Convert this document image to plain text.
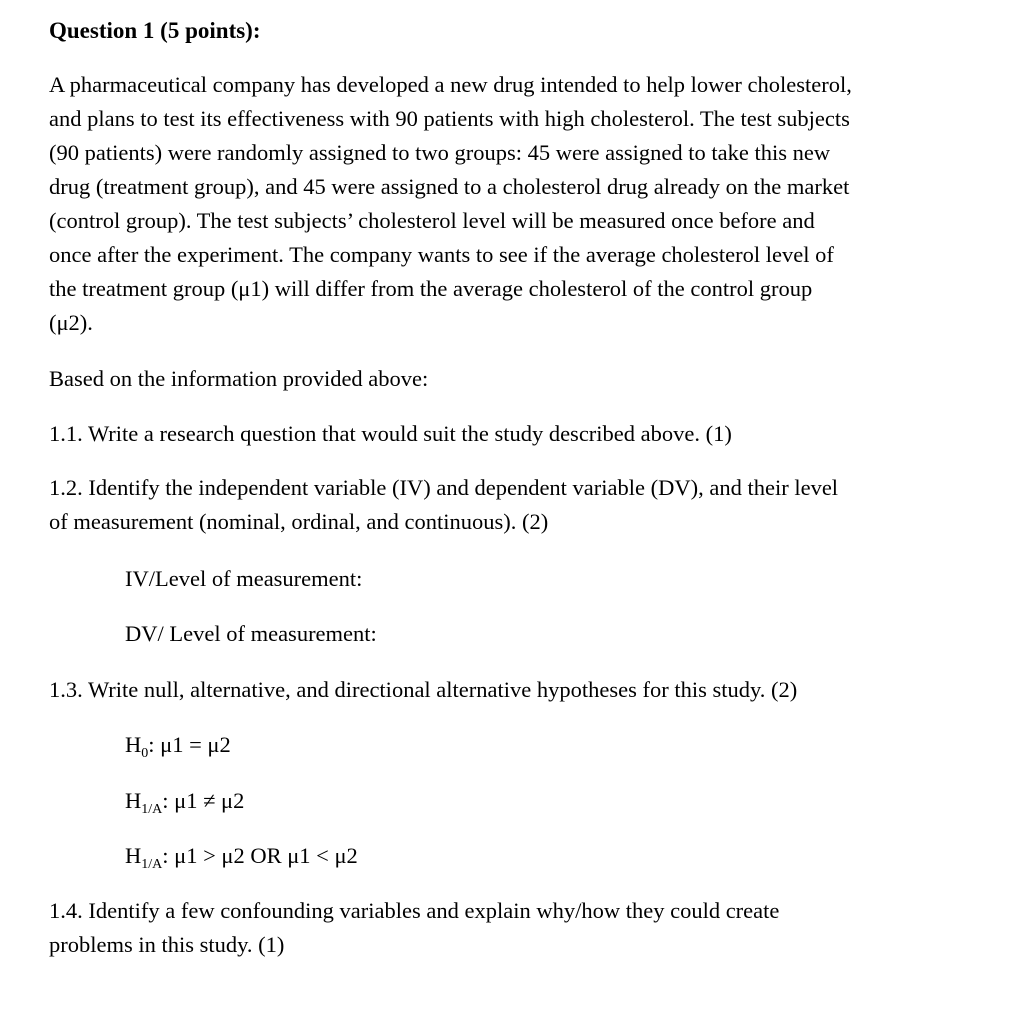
Question 1 (5 points):
A pharmaceutical company has developed a new drug intended to help lower cholesterol,
and plans to test its effectiveness with 90 patients with high cholesterol. The test subjects
(90 patients) were randomly assigned to two groups: 45 were assigned to take this new
drug (treatment group), and 45 were assigned to a cholesterol drug already on the market
(control group). The test subjects’ cholesterol level will be measured once before and
once after the experiment. The company wants to see if the average cholesterol level of
the treatment group (μ1) will differ from the average cholesterol of the control group
(μ2).
Based on the information provided above:
1.1. Write a research question that would suit the study described above. (1)
1.2. Identify the independent variable (IV) and dependent variable (DV), and their level
of measurement (nominal, ordinal, and continuous). (2)
IV/Level of measurement:
DV/ Level of measurement:
1.3. Write null, alternative, and directional alternative hypotheses for this study. (2)
$H_0$: μ1 = μ2
$H_{1/A}$: μ1 ≠ μ2
$H_{1/A}$: μ1 > μ2 OR μ1 < μ2
1.4. Identify a few confounding variables and explain why/how they could create
problems in this study. (1)
